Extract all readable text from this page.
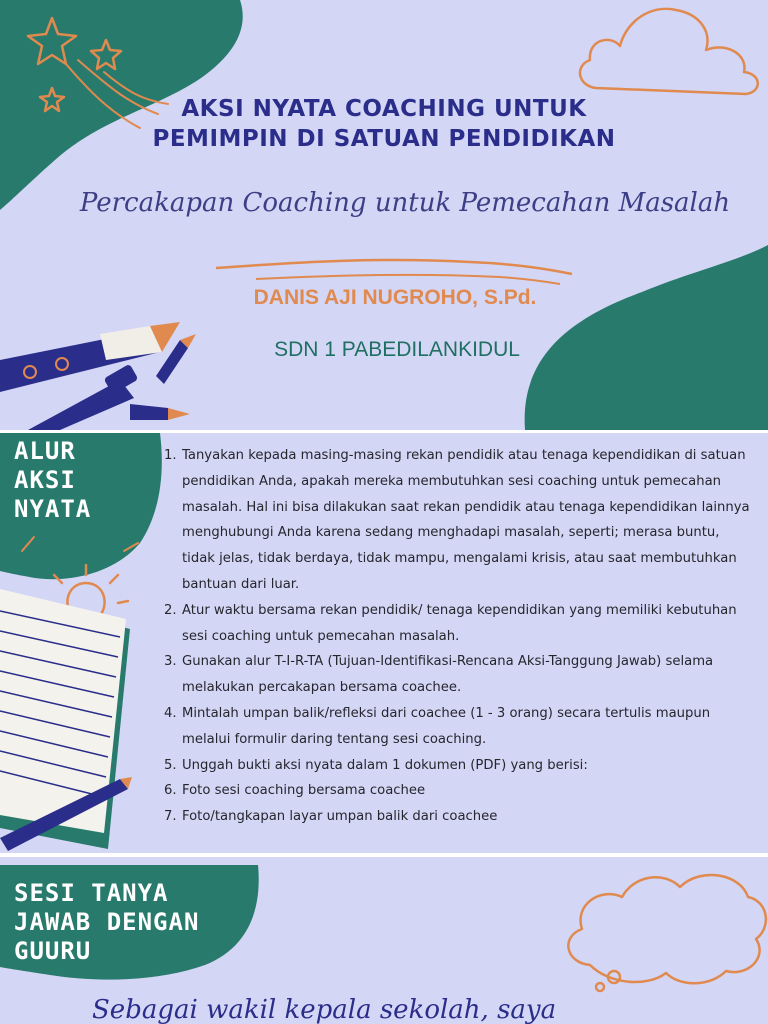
AKSI NYATA COACHING UNTUK
PEMIMPIN DI SATUAN PENDIDIKAN
Percakapan Coaching untuk Pemecahan Masalah
DANIS AJI NUGROHO, S.Pd.
SDN 1 PABEDILANKIDUL
ALUR
AKSI
NYATA
1. Tanyakan kepada masing-masing rekan pendidik atau tenaga kependidikan di satuan pendidikan Anda, apakah mereka membutuhkan sesi coaching untuk pemecahan masalah. Hal ini bisa dilakukan saat rekan pendidik atau tenaga kependidikan lainnya menghubungi Anda karena sedang menghadapi masalah, seperti; merasa buntu, tidak jelas, tidak berdaya, tidak mampu, mengalami krisis, atau saat membutuhkan bantuan dari luar.
2. Atur waktu bersama rekan pendidik/ tenaga kependidikan yang memiliki kebutuhan sesi coaching untuk pemecahan masalah.
3. Gunakan alur T-I-R-TA (Tujuan-Identifikasi-Rencana Aksi-Tanggung Jawab) selama melakukan percakapan bersama coachee.
4. Mintalah umpan balik/refleksi dari coachee (1 - 3 orang) secara tertulis maupun melalui formulir daring tentang sesi coaching.
5. Unggah bukti aksi nyata dalam 1 dokumen (PDF) yang berisi:
6. Foto sesi coaching bersama coachee
7. Foto/tangkapan layar umpan balik dari coachee
SESI TANYA
JAWAB DENGAN
GUURU
Sebagai wakil kepala sekolah, saya
